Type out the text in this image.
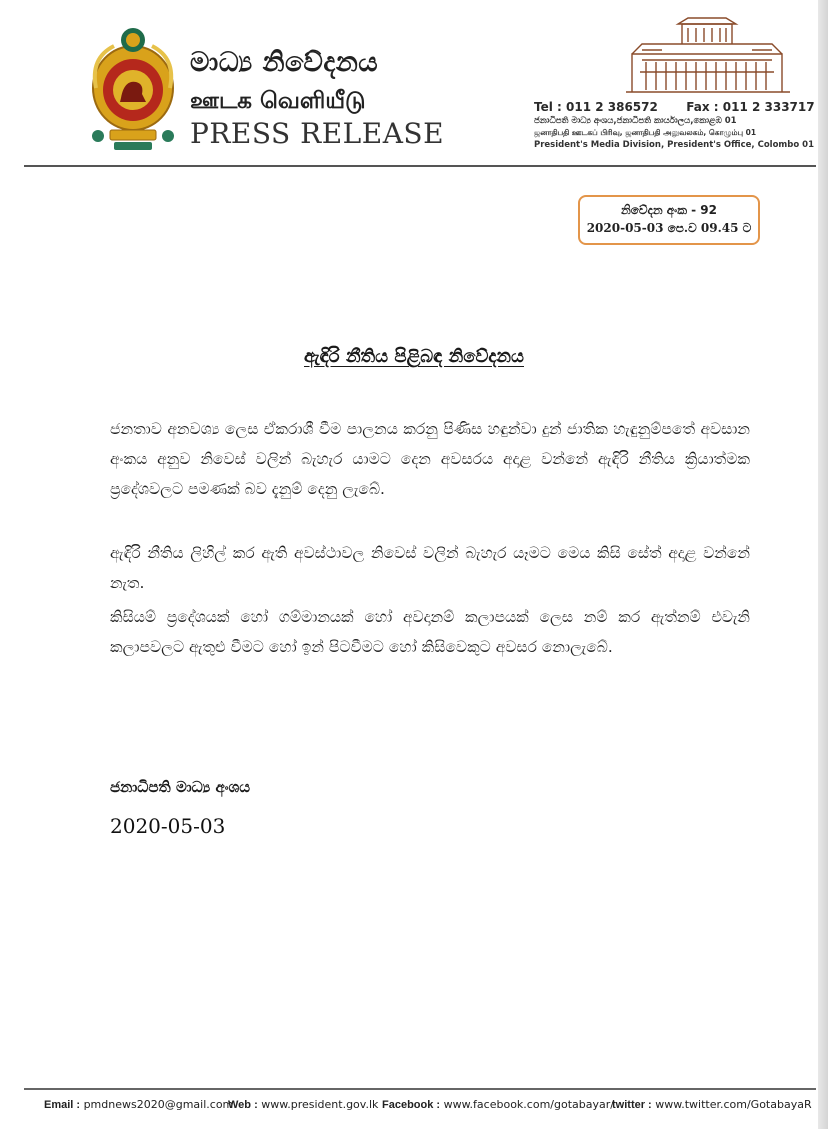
මාධ්‍ය නිවේදනය
ஊடக வெளியீடு
PRESS RELEASE
Tel : 011 2 386572 Fax : 011 2 333717
ජනාධිපති මාධ්‍ය අංශය,ජනාධිපති කාර්යාලය,කොළඹ 01
ஜனாதிபதி ஊடகப் பிரிவு, ஜனாதிபதி அலுவலகம், கொழும்பு 01
President's Media Division, President's Office, Colombo 01
නිවේදන අංක - 92
2020-05-03 පෙ.ව 09.45 ට
ඇඳිරි නීතිය පිළිබඳ නිවේදනය
ජනතාව අනවශ්‍ය ලෙස ඒකරාශී වීම පාලනය කරනු පිණිස හඳුන්වා දුන් ජාතික හැඳුනුම්පතේ අවසාන අංකය අනුව නිවෙස් වලින් බැහැර යාමට දෙන අවසරය අදාළ වන්නේ ඇඳිරි නීතිය ක්‍රියාත්මක ප්‍රදේශවලට පමණක් බව දැනුම් දෙනු ලැබේ.
ඇඳිරි නීතිය ලිහිල් කර ඇති අවස්ථාවල නිවෙස් වලින් බැහැර යෑමට මෙය කිසි සේත් අදාළ වන්නේ නැත.
කිසියම් ප්‍රදේශයක් හෝ ගම්මානයක් හෝ අවදානම් කලාපයක් ලෙස නම් කර ඇත්නම් එවැනි කලාපවලට ඇතුළු වීමට හෝ ඉන් පිටවීමට හෝ කිසිවෙකුට අවසර නොලැබේ.
ජනාධිපති මාධ්‍ය අංශය
2020-05-03
Email : pmdnews2020@gmail.com
Web : www.president.gov.lk Facebook : www.facebook.com/gotabayar/
twitter : www.twitter.com/GotabayaR
